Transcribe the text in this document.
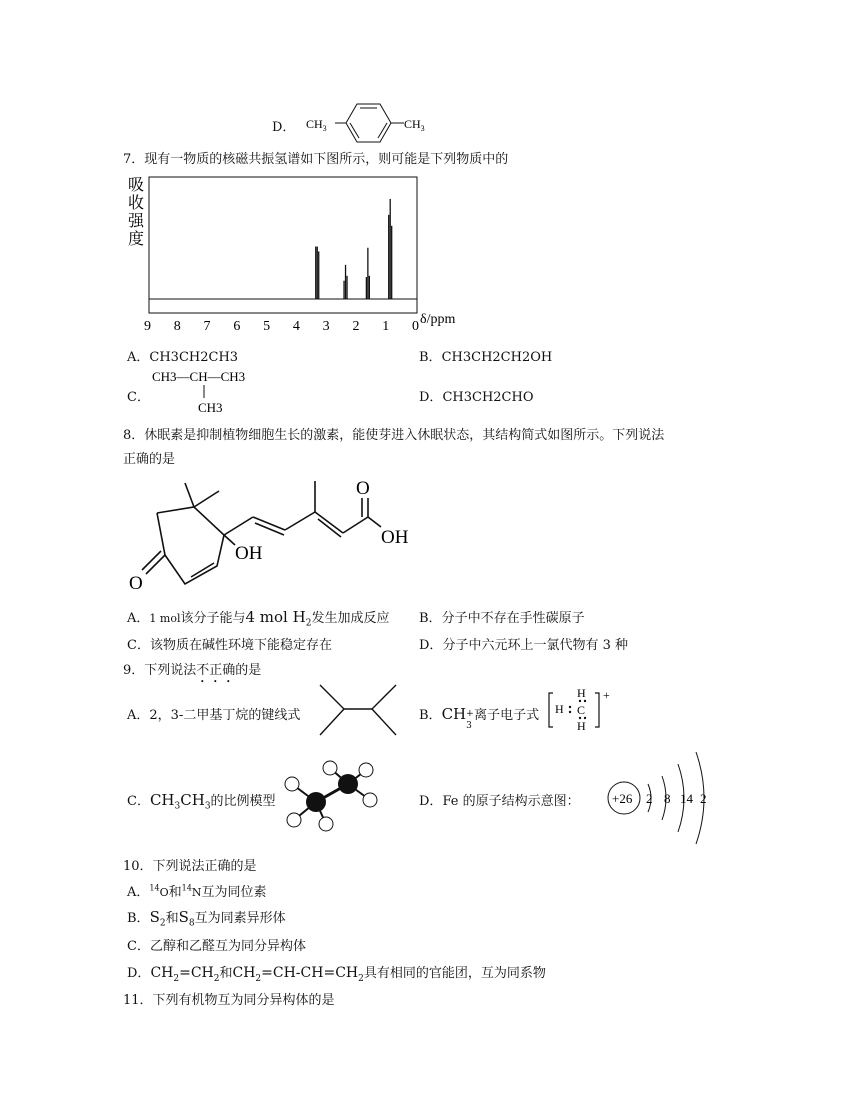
D． $CH_3$	$CH_3$
7．现有一物质的核磁共振氢谱如下图所示，则可能是下列物质中的
吸
收
强
度
9 8 7 6 5 4 3 2 1 0 δ/ppm
A．CH3CH2CH3	B．CH3CH2CH2OH
C．
CH3—CH—CH3
CH3
D．CH3CH2CHO
8．休眠素是抑制植物细胞生长的激素，能使芽进入休眠状态，其结构简式如图所示。下列说法
正确的是
O
OH
O
OH
A．1 mol该分子能与4 mol $H_2$发生加成反应 B．分子中不存在手性碳原子
C．该物质在碱性环境下能稳定存在	D．分子中六元环上一氯代物有 3 种
9．下列说法不正确的是
A．2，3-二甲基丁烷的键线式	B．CH +
3
离子电子式
H
H C
H
+
C．$CH_3CH_3$的比例模型	D．Fe 的原子结构示意图： +26 2 8 14 2
10．下列说法正确的是
A．$^{14}$O和$^{14}$N互为同位素
B．$S_2$和$S_8$互为同素异形体
C．乙醇和乙醛互为同分异构体
D．$CH_2=CH_2$和$CH_2=CH-CH=CH_2$具有相同的官能团，互为同系物
11．下列有机物互为同分异构体的是
